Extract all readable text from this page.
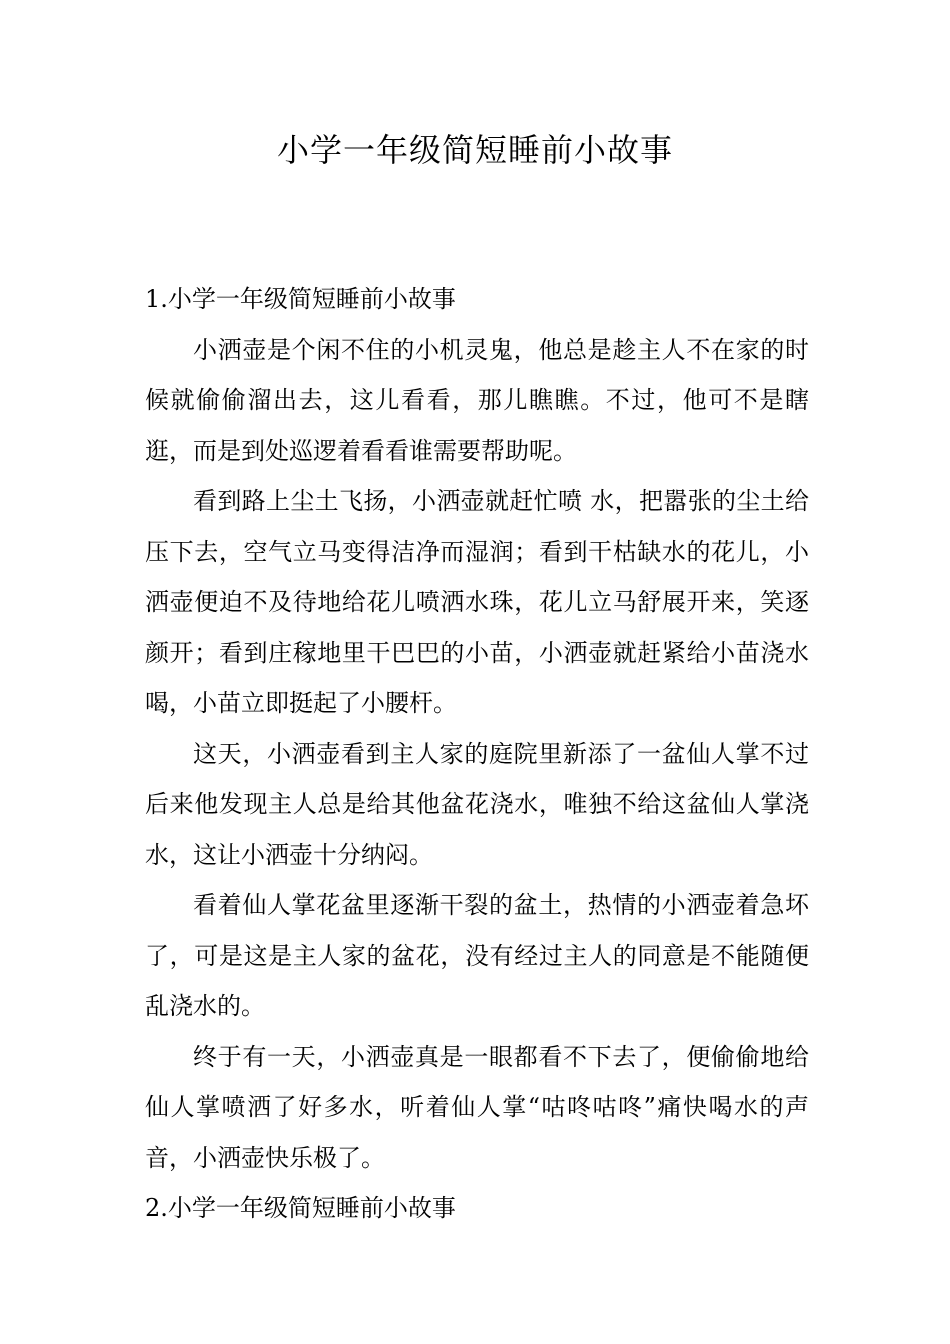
小学一年级简短睡前小故事
1.小学一年级简短睡前小故事

小洒壶是个闲不住的小机灵鬼，他总是趁主人不在家的时候就偷偷溜出去，这儿看看，那儿瞧瞧。不过，他可不是瞎逛，而是到处巡逻着看看谁需要帮助呢。

看到路上尘土飞扬，小洒壶就赶忙喷 水，把嚣张的尘土给压下去，空气立马变得洁净而湿润；看到干枯缺水的花儿，小洒壶便迫不及待地给花儿喷洒水珠，花儿立马舒展开来，笑逐颜开；看到庄稼地里干巴巴的小苗，小洒壶就赶紧给小苗浇水喝，小苗立即挺起了小腰杆。

这天，小洒壶看到主人家的庭院里新添了一盆仙人掌不过后来他发现主人总是给其他盆花浇水，唯独不给这盆仙人掌浇水，这让小洒壶十分纳闷。

看着仙人掌花盆里逐渐干裂的盆土，热情的小洒壶着急坏了，可是这是主人家的盆花，没有经过主人的同意是不能随便乱浇水的。

终于有一天，小洒壶真是一眼都看不下去了，便偷偷地给仙人掌喷洒了好多水，听着仙人掌“咕咚咕咚”痛快喝水的声音，小洒壶快乐极了。

2.小学一年级简短睡前小故事
